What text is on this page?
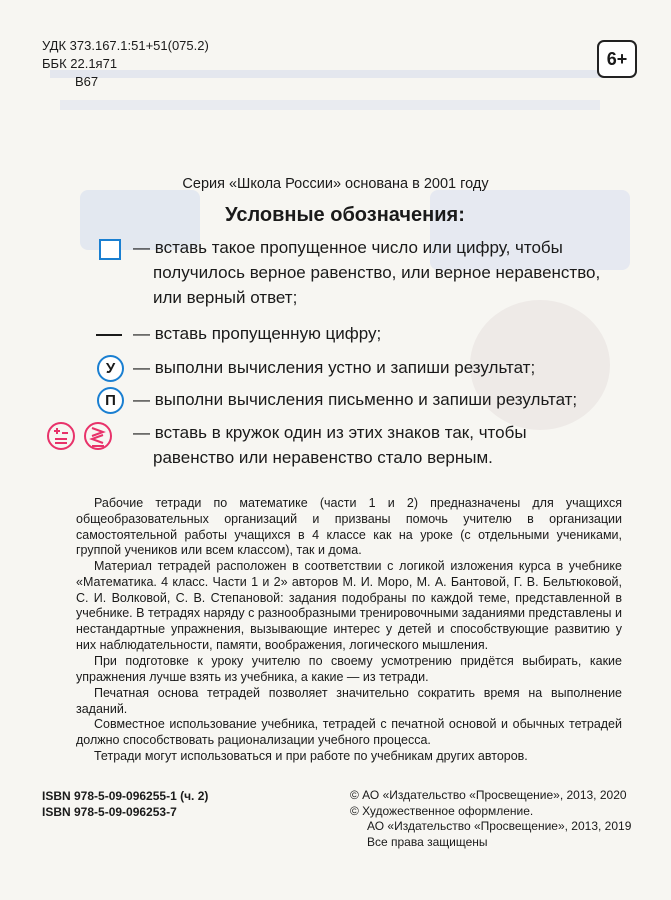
УДК 373.167.1:51+51(075.2)
ББК 22.1я71
В67
6+
Серия «Школа России» основана в 2001 году
Условные обозначения:
— вставь такое пропущенное число или цифру, чтобы
получилось верное равенство, или верное неравенство,
или верный ответ;
— вставь пропущенную цифру;
У	— выполни вычисления устно и запиши результат;
П	— выполни вычисления письменно и запиши результат;
— вставь в кружок один из этих знаков так, чтобы
равенство или неравенство стало верным.
Рабочие тетради по математике (части 1 и 2) предназначены для учащихся общеобразовательных организаций и призваны помочь учителю в организации самостоятельной работы учащихся в 4 классе как на уроке (с отдельными учениками, группой учеников или всем классом), так и дома.
Материал тетрадей расположен в соответствии с логикой изложения курса в учебнике «Математика. 4 класс. Части 1 и 2» авторов М. И. Моро, М. А. Бантовой, Г. В. Бельтюковой, С. И. Волковой, С. В. Степановой: задания подобраны по каждой теме, представленной в учебнике. В тетрадях наряду с разнообразными тренировочными заданиями представлены и нестандартные упражнения, вызывающие интерес у детей и способствующие развитию у них наблюдательности, памяти, воображения, логического мышления.
При подготовке к уроку учителю по своему усмотрению придётся выбирать, какие упражнения лучше взять из учебника, а какие — из тетради.
Печатная основа тетрадей позволяет значительно сократить время на выполнение заданий.
Совместное использование учебника, тетрадей с печатной основой и обычных тетрадей должно способствовать рационализации учебного процесса.
Тетради могут использоваться и при работе по учебникам других авторов.
ISBN 978-5-09-096255-1 (ч. 2)
ISBN 978-5-09-096253-7
© АО «Издательство «Просвещение», 2013, 2020
© Художественное оформление.
АО «Издательство «Просвещение», 2013, 2019
Все права защищены
